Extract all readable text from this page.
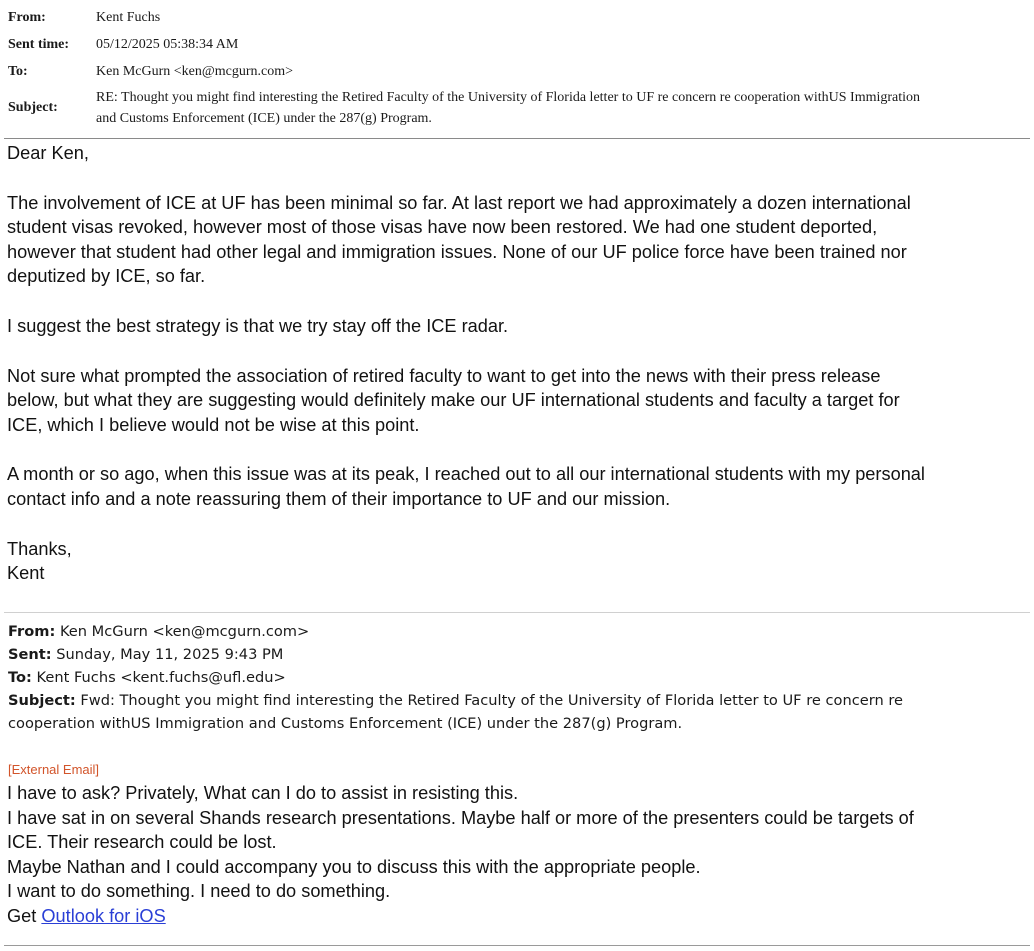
From:	Kent Fuchs
Sent time: 05/12/2025 05:38:34 AM
To:	Ken McGurn <ken@mcgurn.com>
Subject:
RE: Thought you might find interesting the Retired Faculty of the University of Florida letter to UF re concern re cooperation withUS Immigration
and Customs Enforcement (ICE) under the 287(g) Program.

Dear Ken,

The involvement of ICE at UF has been minimal so far. At last report we had approximately a dozen international
student visas revoked, however most of those visas have now been restored. We had one student deported,
however that student had other legal and immigration issues. None of our UF police force have been trained nor
deputized by ICE, so far.

I suggest the best strategy is that we try stay off the ICE radar.

Not sure what prompted the association of retired faculty to want to get into the news with their press release
below, but what they are suggesting would definitely make our UF international students and faculty a target for
ICE, which I believe would not be wise at this point.

A month or so ago, when this issue was at its peak, I reached out to all our international students with my personal
contact info and a note reassuring them of their importance to UF and our mission.

Thanks,
Kent

From: Ken McGurn <ken@mcgurn.com>
Sent: Sunday, May 11, 2025 9:43 PM
To: Kent Fuchs <kent.fuchs@ufl.edu>
Subject: Fwd: Thought you might find interesting the Retired Faculty of the University of Florida letter to UF re concern re
cooperation withUS Immigration and Customs Enforcement (ICE) under the 287(g) Program.
[External Email]
I have to ask? Privately, What can I do to assist in resisting this.
I have sat in on several Shands research presentations. Maybe half or more of the presenters could be targets of
ICE. Their research could be lost.
Maybe Nathan and I could accompany you to discuss this with the appropriate people.
I want to do something. I need to do something.
Get Outlook for iOS
